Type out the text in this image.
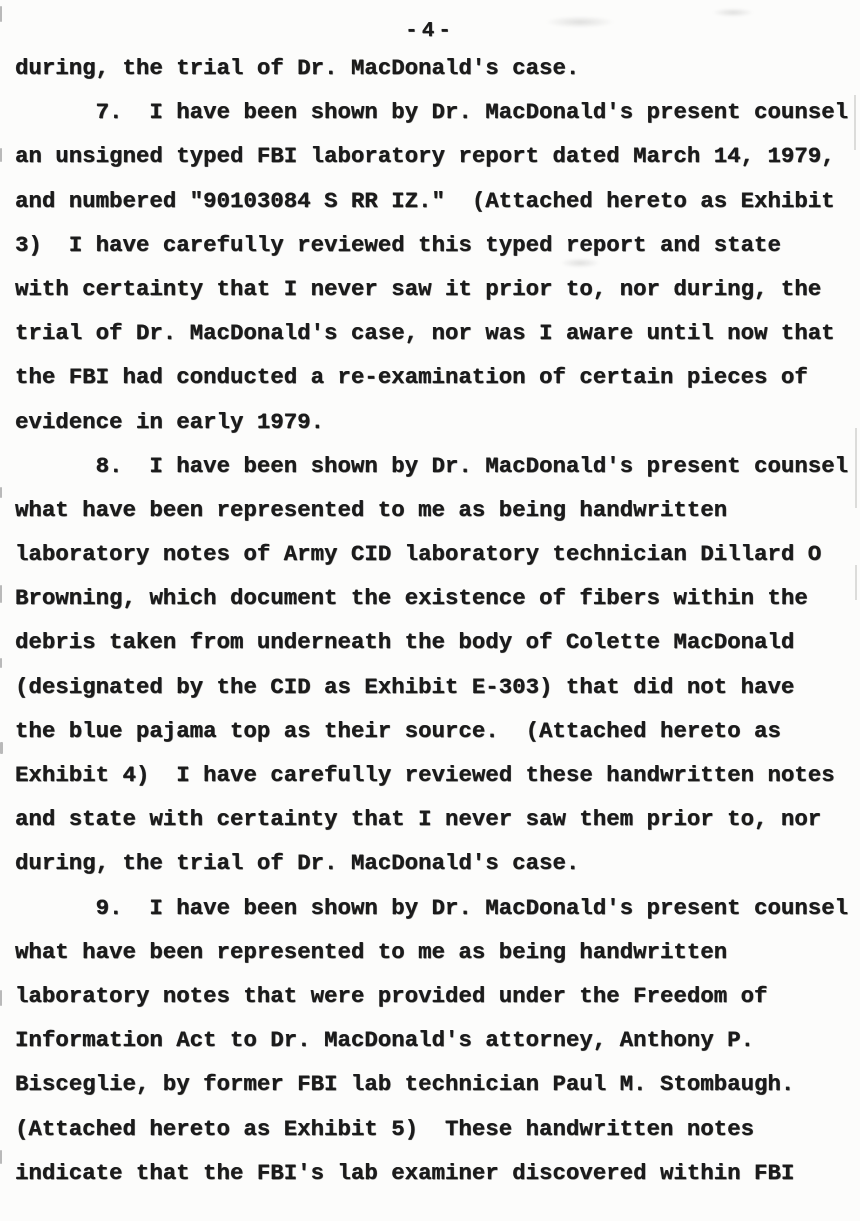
-4-
during, the trial of Dr. MacDonald's case.
7.  I have been shown by Dr. MacDonald's present counsel
an unsigned typed FBI laboratory report dated March 14, 1979,
and numbered "90103084 S RR IZ."  (Attached hereto as Exhibit
3)  I have carefully reviewed this typed report and state
with certainty that I never saw it prior to, nor during, the
trial of Dr. MacDonald's case, nor was I aware until now that
the FBI had conducted a re-examination of certain pieces of
evidence in early 1979.
8.  I have been shown by Dr. MacDonald's present counsel
what have been represented to me as being handwritten
laboratory notes of Army CID laboratory technician Dillard O
Browning, which document the existence of fibers within the
debris taken from underneath the body of Colette MacDonald
(designated by the CID as Exhibit E-303) that did not have
the blue pajama top as their source.  (Attached hereto as
Exhibit 4)  I have carefully reviewed these handwritten notes
and state with certainty that I never saw them prior to, nor
during, the trial of Dr. MacDonald's case.
9.  I have been shown by Dr. MacDonald's present counsel
what have been represented to me as being handwritten
laboratory notes that were provided under the Freedom of
Information Act to Dr. MacDonald's attorney, Anthony P.
Bisceglie, by former FBI lab technician Paul M. Stombaugh.
(Attached hereto as Exhibit 5)  These handwritten notes
indicate that the FBI's lab examiner discovered within FBI
